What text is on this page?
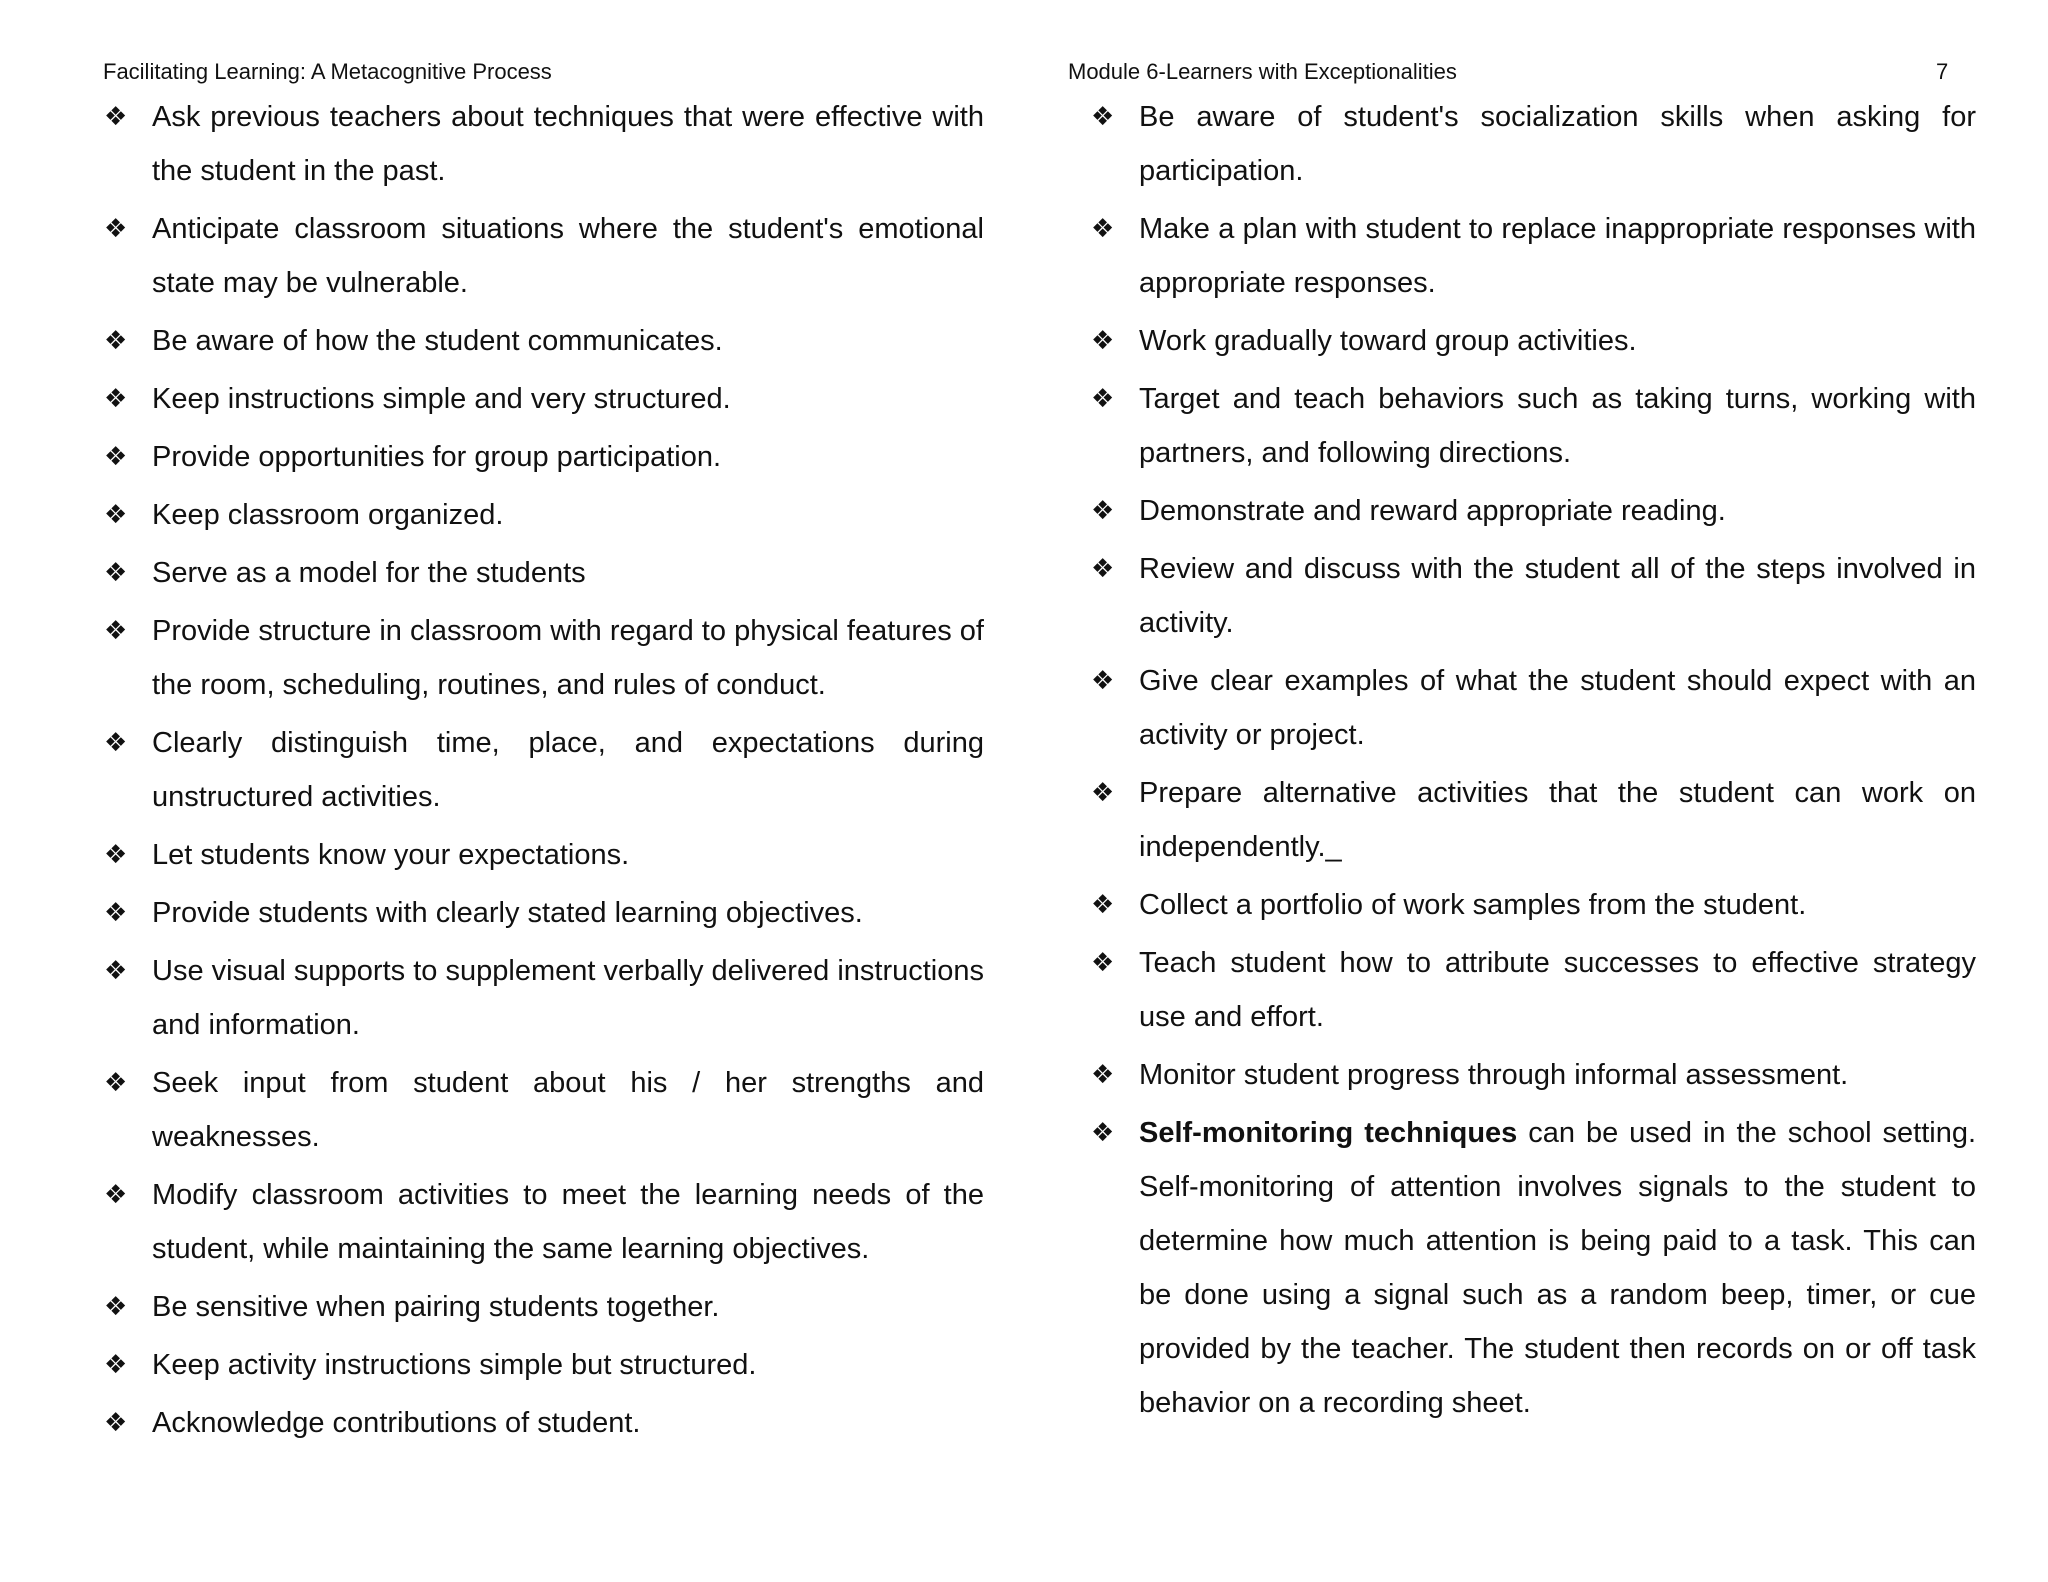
Facilitating Learning: A Metacognitive Process	Module 6-Learners with Exceptionalities	7
❖ Ask previous teachers about techniques that were effective with the student in the past.
❖ Anticipate classroom situations where the student's emotional state may be vulnerable.
❖ Be aware of how the student communicates.
❖ Keep instructions simple and very structured.
❖ Provide opportunities for group participation.
❖ Keep classroom organized.
❖ Serve as a model for the students
❖ Provide structure in classroom with regard to physical features of the room, scheduling, routines, and rules of conduct.
❖ Clearly distinguish time, place, and expectations during unstructured activities.
❖ Let students know your expectations.
❖ Provide students with clearly stated learning objectives.
❖ Use visual supports to supplement verbally delivered instructions and information.
❖ Seek input from student about his / her strengths and weaknesses.
❖ Modify classroom activities to meet the learning needs of the student, while maintaining the same learning objectives.
❖ Be sensitive when pairing students together.
❖ Keep activity instructions simple but structured.
❖ Acknowledge contributions of student.
❖ Be aware of student's socialization skills when asking for participation.
❖ Make a plan with student to replace inappropriate responses with appropriate responses.
❖ Work gradually toward group activities.
❖ Target and teach behaviors such as taking turns, working with partners, and following directions.
❖ Demonstrate and reward appropriate reading.
❖ Review and discuss with the student all of the steps involved in activity.
❖ Give clear examples of what the student should expect with an activity or project.
❖ Prepare alternative activities that the student can work on independently._
❖ Collect a portfolio of work samples from the student.
❖ Teach student how to attribute successes to effective strategy use and effort.
❖ Monitor student progress through informal assessment.
❖ Self-monitoring techniques can be used in the school setting. Self-monitoring of attention involves signals to the student to determine how much attention is being paid to a task. This can be done using a signal such as a random beep, timer, or cue provided by the teacher. The student then records on or off task behavior on a recording sheet.
